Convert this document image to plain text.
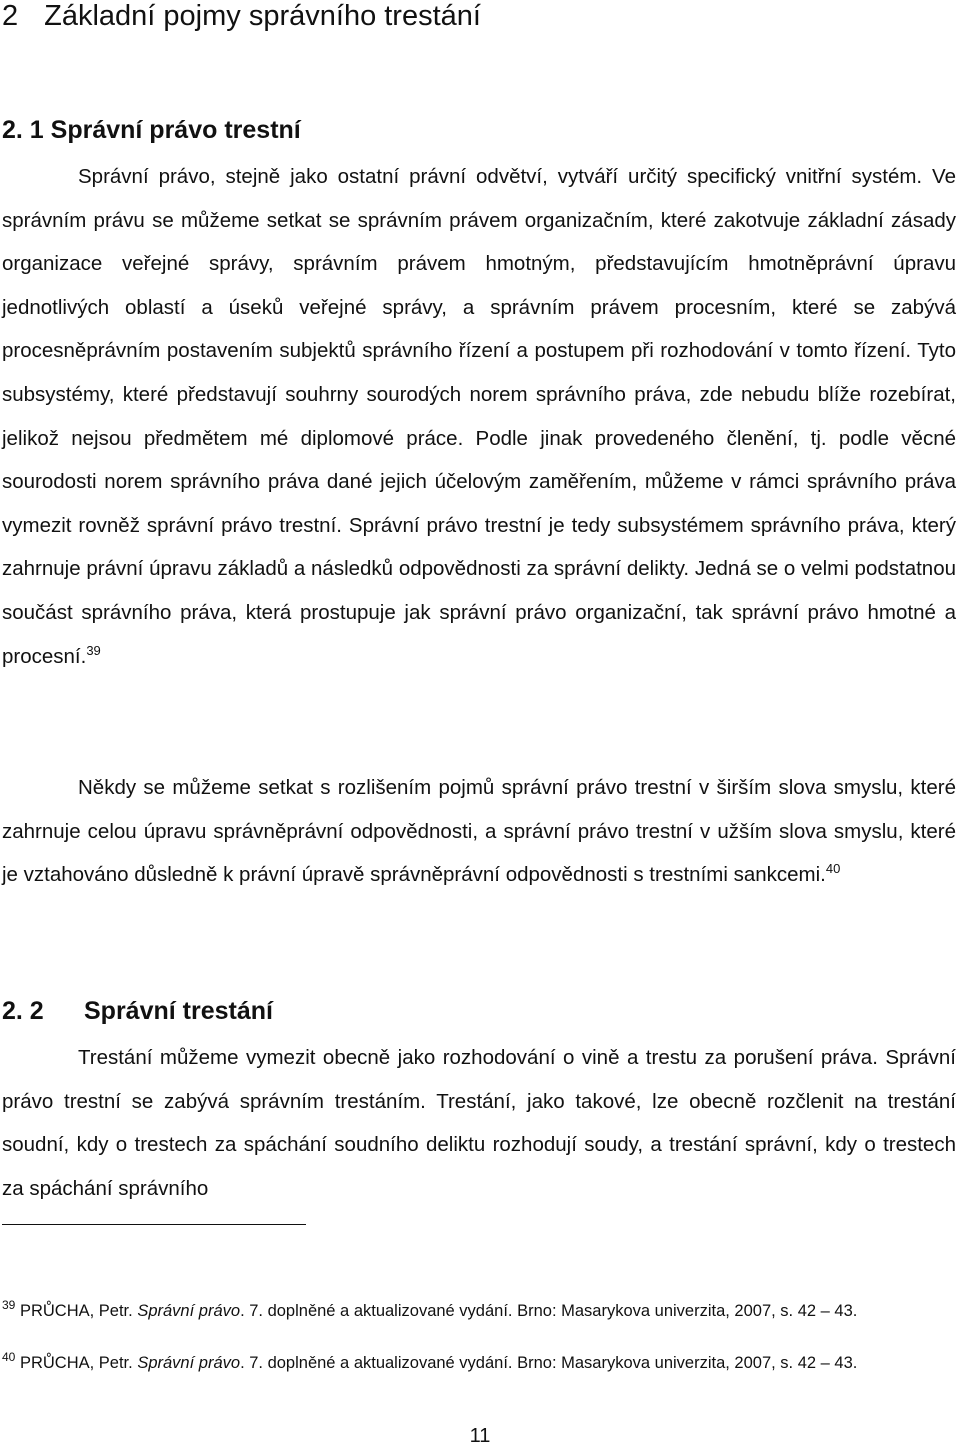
2 Základní pojmy správního trestání
2. 1 Správní právo trestní

Správní právo, stejně jako ostatní právní odvětví, vytváří určitý specifický vnitřní systém. Ve správním právu se můžeme setkat se správním právem organizačním, které zakotvuje základní zásady organizace veřejné správy, správním právem hmotným, představujícím hmotněprávní úpravu jednotlivých oblastí a úseků veřejné správy, a správním právem procesním, které se zabývá procesněprávním postavením subjektů správního řízení a postupem při rozhodování v tomto řízení. Tyto subsystémy, které představují souhrny sourodých norem správního práva, zde nebudu blíže rozebírat, jelikož nejsou předmětem mé diplomové práce. Podle jinak provedeného členění, tj. podle věcné sourodosti norem správního práva dané jejich účelovým zaměřením, můžeme v rámci správního práva vymezit rovněž správní právo trestní. Správní právo trestní je tedy subsystémem správního práva, který zahrnuje právní úpravu základů a následků odpovědnosti za správní delikty. Jedná se o velmi podstatnou součást správního práva, která prostupuje jak správní právo organizační, tak správní právo hmotné a procesní.$^{39}$

Někdy se můžeme setkat s rozlišením pojmů správní právo trestní v širším slova smyslu, které zahrnuje celou úpravu správněprávní odpovědnosti, a správní právo trestní v užším slova smyslu, které je vztahováno důsledně k právní úpravě správněprávní odpovědnosti s trestními sankcemi.$^{40}$

2. 2 Správní trestání

Trestání můžeme vymezit obecně jako rozhodování o vině a trestu za porušení práva. Správní právo trestní se zabývá správním trestáním. Trestání, jako takové, lze obecně rozčlenit na trestání soudní, kdy o trestech za spáchání soudního deliktu rozhodují soudy, a trestání správní, kdy o trestech za spáchání správního

$^{39}$ PRŮCHA, Petr. Správní právo. 7. doplněné a aktualizované vydání. Brno: Masarykova univerzita, 2007, s. 42 – 43.

$^{40}$ PRŮCHA, Petr. Správní právo. 7. doplněné a aktualizované vydání. Brno: Masarykova univerzita, 2007, s. 42 – 43.

11
